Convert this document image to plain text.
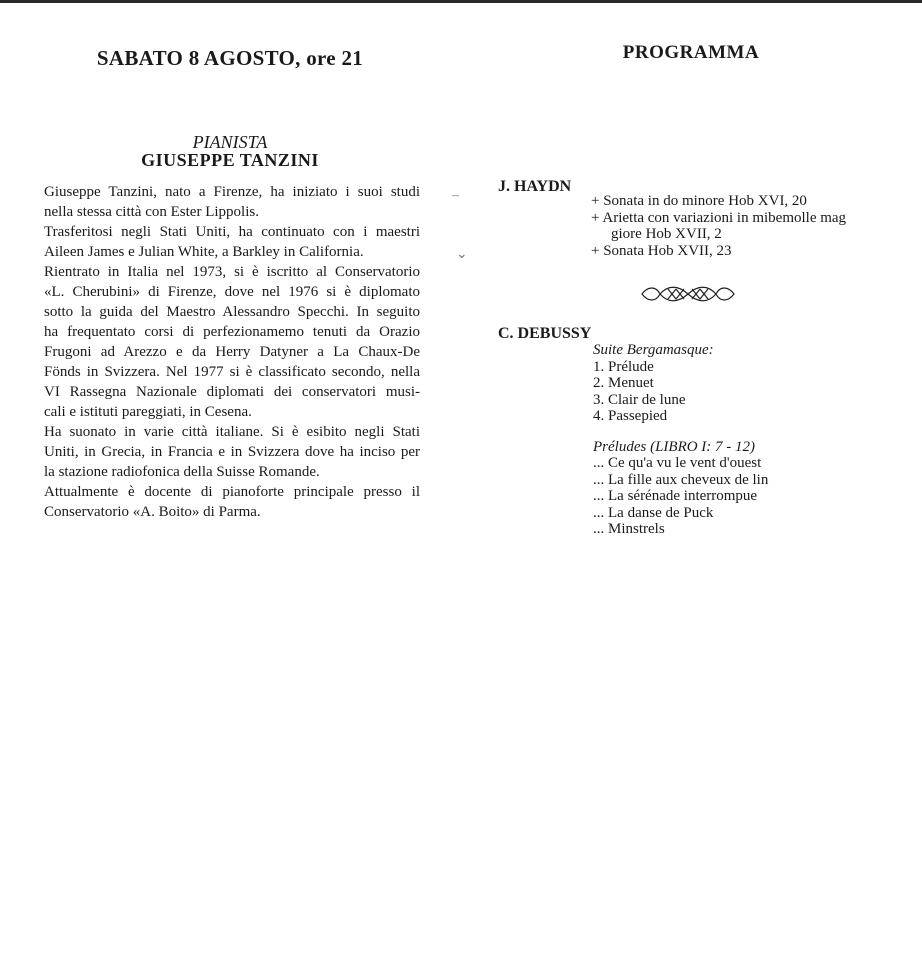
SABATO 8 AGOSTO, ore 21
PIANISTA
GIUSEPPE TANZINI
Giuseppe Tanzini, nato a Firenze, ha iniziato i suoi studi
nella stessa città con Ester Lippolis.
Trasferitosi negli Stati Uniti, ha continuato con i maestri
Aileen James e Julian White, a Barkley in California.
Rientrato in Italia nel 1973, si è iscritto al Conservatorio
«L. Cherubini» di Firenze, dove nel 1976 si è diplomato
sotto la guida del Maestro Alessandro Specchi. In seguito
ha frequentato corsi di perfezionamemo tenuti da Orazio
Frugoni ad Arezzo e da Herry Datyner a La Chaux-De
Fönds in Svizzera. Nel 1977 si è classificato secondo, nella
VI Rassegna Nazionale diplomati dei conservatori musi-
cali e istituti pareggiati, in Cesena.
Ha suonato in varie città italiane. Si è esibito negli Stati
Uniti, in Grecia, in Francia e in Svizzera dove ha inciso per
la stazione radiofonica della Suisse Romande.
Attualmente è docente di pianoforte principale presso il
Conservatorio «A. Boito» di Parma.
PROGRAMMA
–
⌄
J. HAYDN
+ Sonata in do minore Hob XVI, 20
+ Arietta con variazioni in mibemolle mag
giore Hob XVII, 2
+ Sonata Hob XVII, 23
C. DEBUSSY
Suite Bergamasque:
1. Prélude
2. Menuet
3. Clair de lune
4. Passepied
Préludes (LIBRO I: 7 - 12)
... Ce qu'a vu le vent d'ouest
... La fille aux cheveux de lin
... La sérénade interrompue
... La danse de Puck
... Minstrels
